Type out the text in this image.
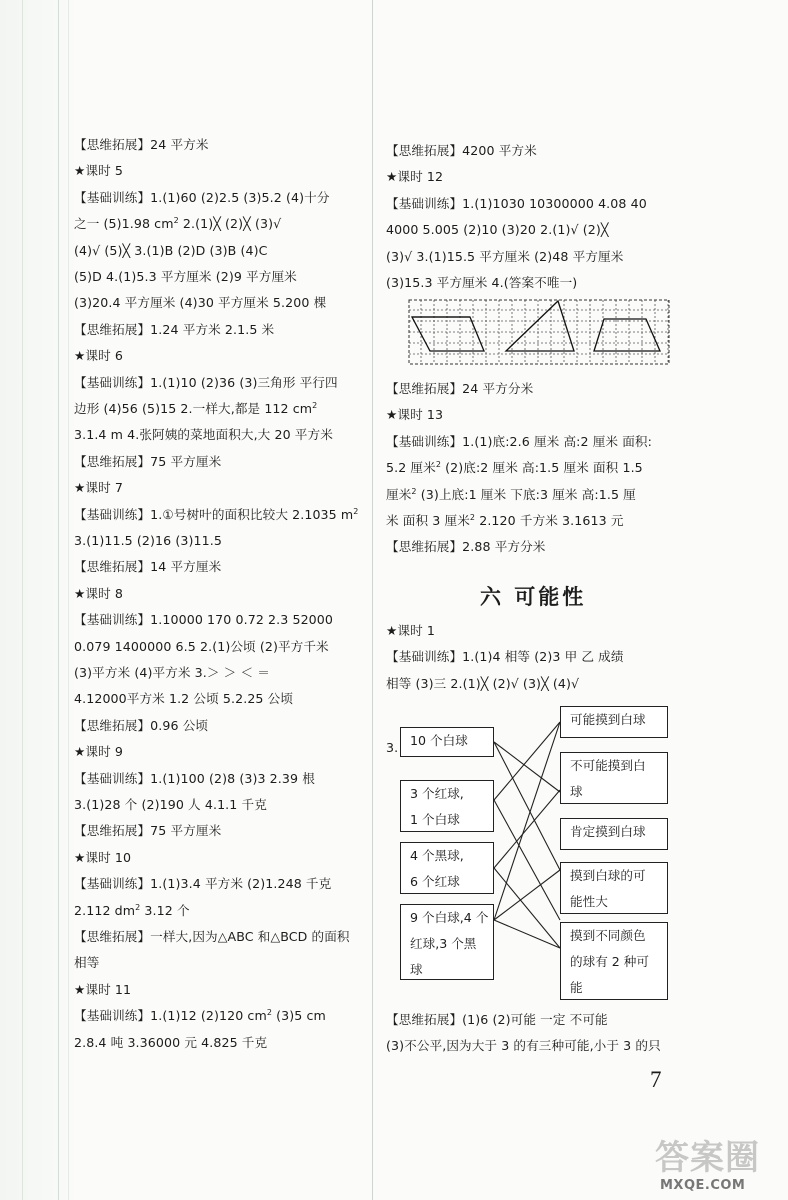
【思维拓展】24 平方米
★课时 5
【基础训练】1.(1)60 (2)2.5 (3)5.2 (4)十分
之一 (5)1.98 $cm^2$ 2.(1)╳ (2)╳ (3)√
(4)√ (5)╳ 3.(1)B (2)D (3)B (4)C
(5)D 4.(1)5.3 平方厘米 (2)9 平方厘米
(3)20.4 平方厘米 (4)30 平方厘米 5.200 棵
【思维拓展】1.24 平方米 2.1.5 米
★课时 6
【基础训练】1.(1)10 (2)36 (3)三角形 平行四
边形 (4)56 (5)15 2.一样大,都是 112 $cm^2$
3.1.4 m 4.张阿姨的菜地面积大,大 20 平方米
【思维拓展】75 平方厘米
★课时 7
【基础训练】1.①号树叶的面积比较大 2.1035 $m^2$
3.(1)11.5 (2)16 (3)11.5
【思维拓展】14 平方厘米
★课时 8
【基础训练】1.10000 170 0.72 2.3 52000
0.079 1400000 6.5 2.(1)公顷 (2)平方千米
(3)平方米 (4)平方米 3.＞ ＞ ＜ ＝
4.12000平方米 1.2 公顷 5.2.25 公顷
【思维拓展】0.96 公顷
★课时 9
【基础训练】1.(1)100 (2)8 (3)3 2.39 根
3.(1)28 个 (2)190 人 4.1.1 千克
【思维拓展】75 平方厘米
★课时 10
【基础训练】1.(1)3.4 平方米 (2)1.248 千克
2.112 $dm^2$ 3.12 个
【思维拓展】一样大,因为△ABC 和△BCD 的面积
相等
★课时 11
【基础训练】1.(1)12 (2)120 $cm^2$ (3)5 cm
2.8.4 吨 3.36000 元 4.825 千克
【思维拓展】4200 平方米
★课时 12
【基础训练】1.(1)1030 10300000 4.08 40
4000 5.005 (2)10 (3)20 2.(1)√ (2)╳
(3)√ 3.(1)15.5 平方厘米 (2)48 平方厘米
(3)15.3 平方厘米 4.(答案不唯一)
【思维拓展】24 平方分米
★课时 13
【基础训练】1.(1)底:2.6 厘米 高:2 厘米 面积:
5.2 厘米$^2$ (2)底:2 厘米 高:1.5 厘米 面积 1.5
厘米$^2$ (3)上底:1 厘米 下底:3 厘米 高:1.5 厘
米 面积 3 厘米$^2$ 2.120 千方米 3.1613 元
【思维拓展】2.88 平方分米
六 可能性
★课时 1
【基础训练】1.(1)4 相等 (2)3 甲 乙 成绩
相等 (3)三 2.(1)╳ (2)√ (3)╳ (4)√
3. 10 个白球
3 个红球,
1 个白球
4 个黑球,
6 个红球
9 个白球,4 个
红球,3 个黑
球
可能摸到白球
不可能摸到白
球
肯定摸到白球
摸到白球的可
能性大
摸到不同颜色
的球有 2 种可
能
【思维拓展】(1)6 (2)可能 一定 不可能
(3)不公平,因为大于 3 的有三种可能,小于 3 的只
7
答案圈
MXQE.COM
